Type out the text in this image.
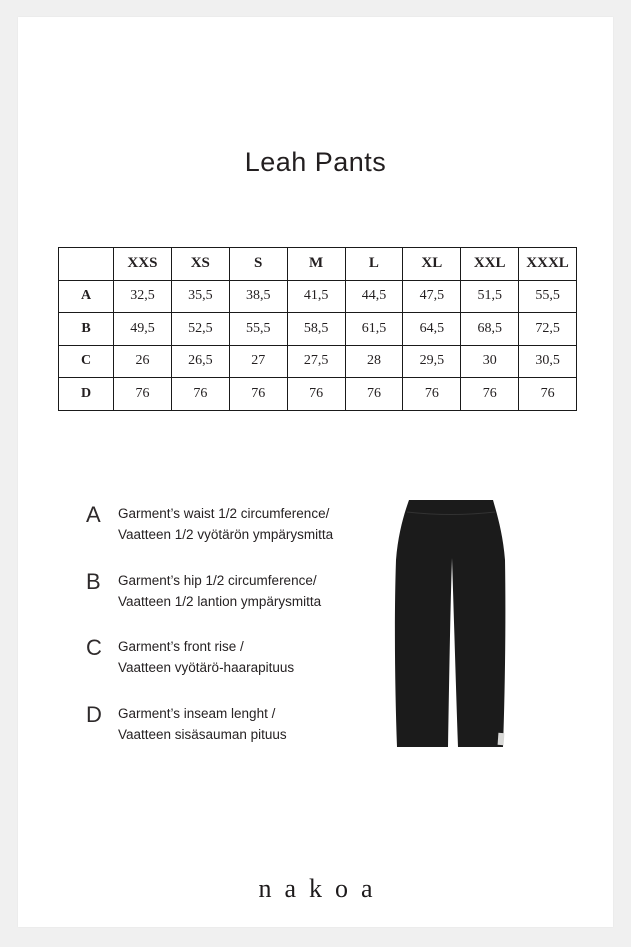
Leah Pants
	XXS	XS	S	M	L	XL	XXL	XXXL
A	32,5	35,5	38,5	41,5	44,5	47,5	51,5	55,5
B	49,5	52,5	55,5	58,5	61,5	64,5	68,5	72,5
C	26	26,5	27	27,5	28	29,5	30	30,5
D	76	76	76	76	76	76	76	76
A	Garment’s waist 1/2 circumference/
Vaatteen 1/2 vyötärön ympärysmitta
B	Garment’s hip 1/2 circumference/
Vaatteen 1/2 lantion ympärysmitta
C	Garment’s front rise /
Vaatteen vyötärö-haarapituus
D	Garment’s inseam lenght /
Vaatteen sisäsauman pituus
nakoa
